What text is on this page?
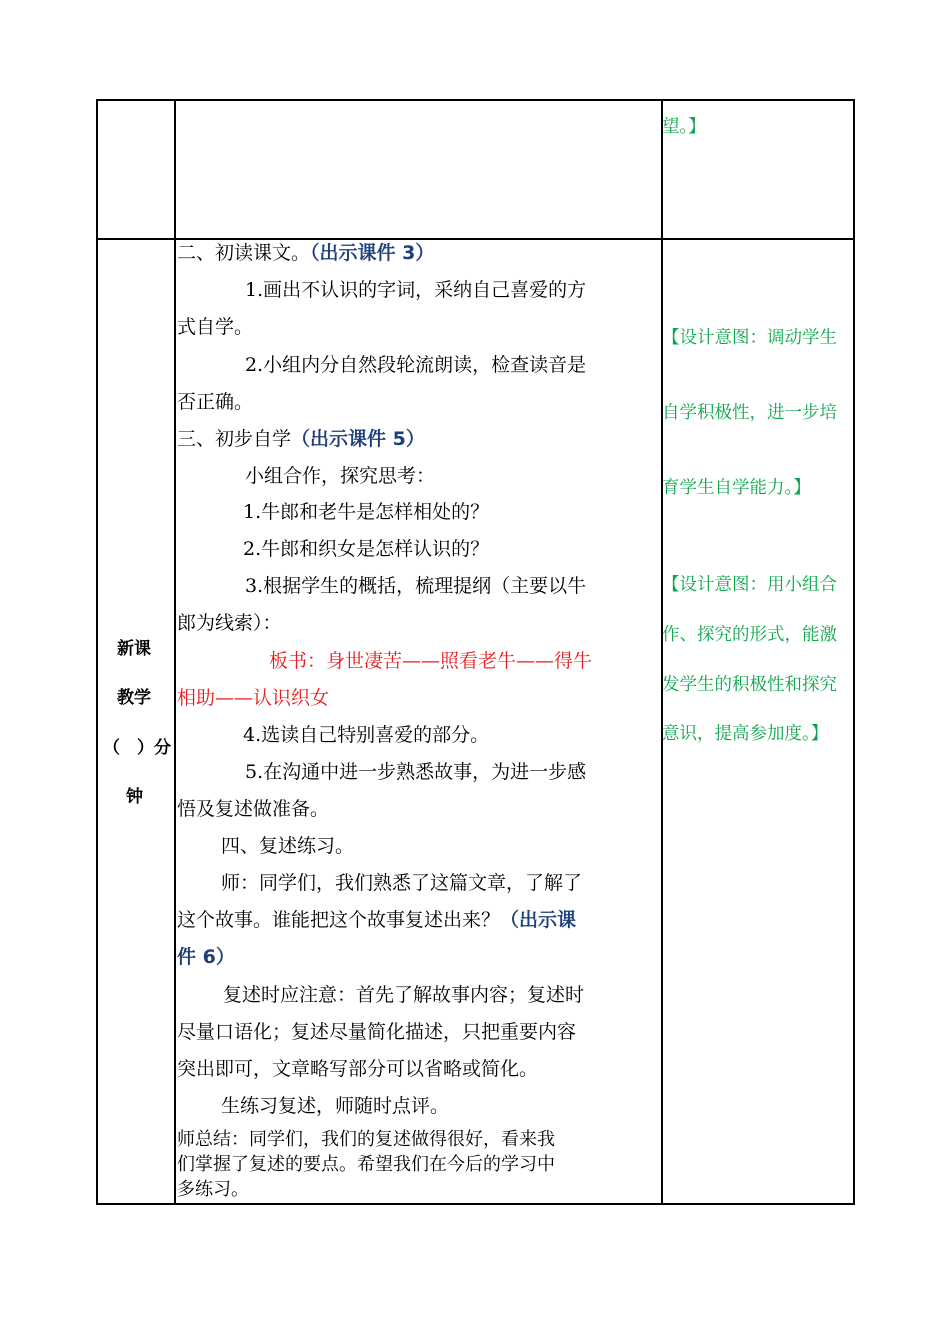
望。】
新课
教学
（　）分
钟
二、初读课文。（出示课件 3）
1.画出不认识的字词，采纳自己喜爱的方
式自学。
2.小组内分自然段轮流朗读，检查读音是
否正确。
三、初步自学（出示课件 5）
小组合作，探究思考：
1.牛郎和老牛是怎样相处的？
2.牛郎和织女是怎样认识的？
3.根据学生的概括，梳理提纲（主要以牛
郎为线索）：
板书：身世凄苦——照看老牛——得牛
相助——认识织女
4.选读自己特别喜爱的部分。
5.在沟通中进一步熟悉故事，为进一步感
悟及复述做准备。
四、复述练习。
师：同学们，我们熟悉了这篇文章，了解了
这个故事。谁能把这个故事复述出来？（出示课
件 6）
复述时应注意：首先了解故事内容；复述时
尽量口语化；复述尽量简化描述，只把重要内容
突出即可，文章略写部分可以省略或简化。
生练习复述，师随时点评。
师总结：同学们，我们的复述做得很好，看来我
们掌握了复述的要点。希望我们在今后的学习中
多练习。
【设计意图：调动学生
自学积极性，进一步培
育学生自学能力。】
【设计意图：用小组合
作、探究的形式，能激
发学生的积极性和探究
意识，提高参加度。】
